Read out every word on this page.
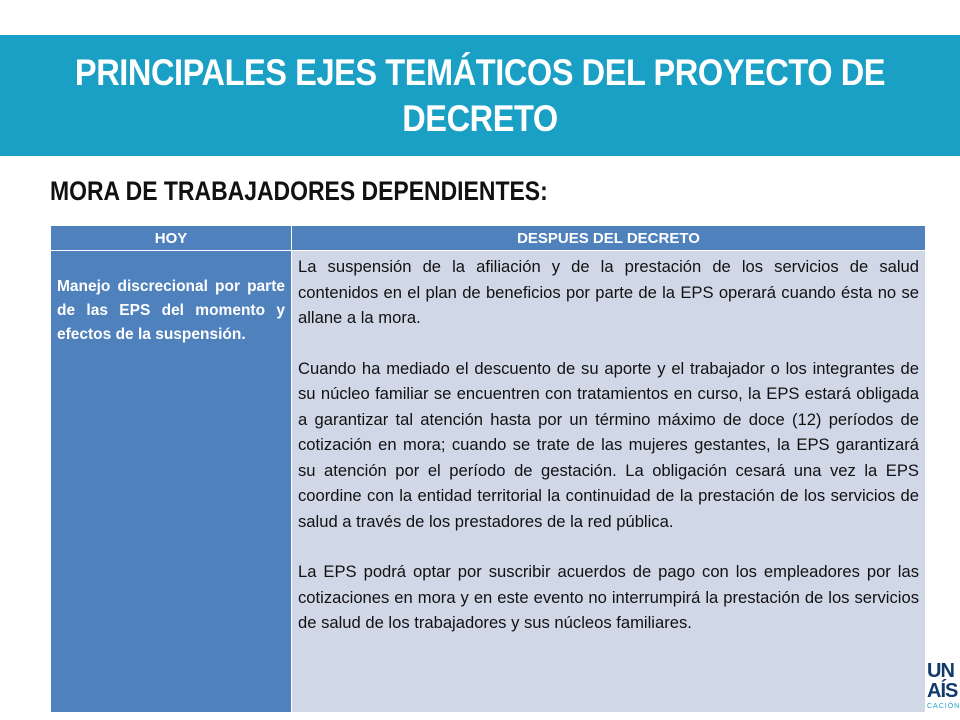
PRINCIPALES EJES TEMÁTICOS DEL PROYECTO DE DECRETO
MORA DE TRABAJADORES DEPENDIENTES:
HOY	DESPUES DEL DECRETO
Manejo discrecional por parte de las EPS del momento y efectos de la suspensión.	La suspensión de la afiliación y de la prestación de los servicios de salud contenidos en el plan de beneficios por parte de la EPS operará cuando ésta no se allane a la mora.

Cuando ha mediado el descuento de su aporte y el trabajador o los integrantes de su núcleo familiar se encuentren con tratamientos en curso, la EPS estará obligada a garantizar tal atención hasta por un término máximo de doce (12) períodos de cotización en mora; cuando se trate de las mujeres gestantes, la EPS garantizará su atención por el período de gestación. La obligación cesará una vez la EPS coordine con la entidad territorial la continuidad de la prestación de los servicios de salud a través de los prestadores de la red pública.

La EPS podrá optar por suscribir acuerdos de pago con los empleadores por las cotizaciones en mora y en este evento no interrumpirá la prestación de los servicios de salud de los trabajadores y sus núcleos familiares.

UN
AÍS
CACIÓN
